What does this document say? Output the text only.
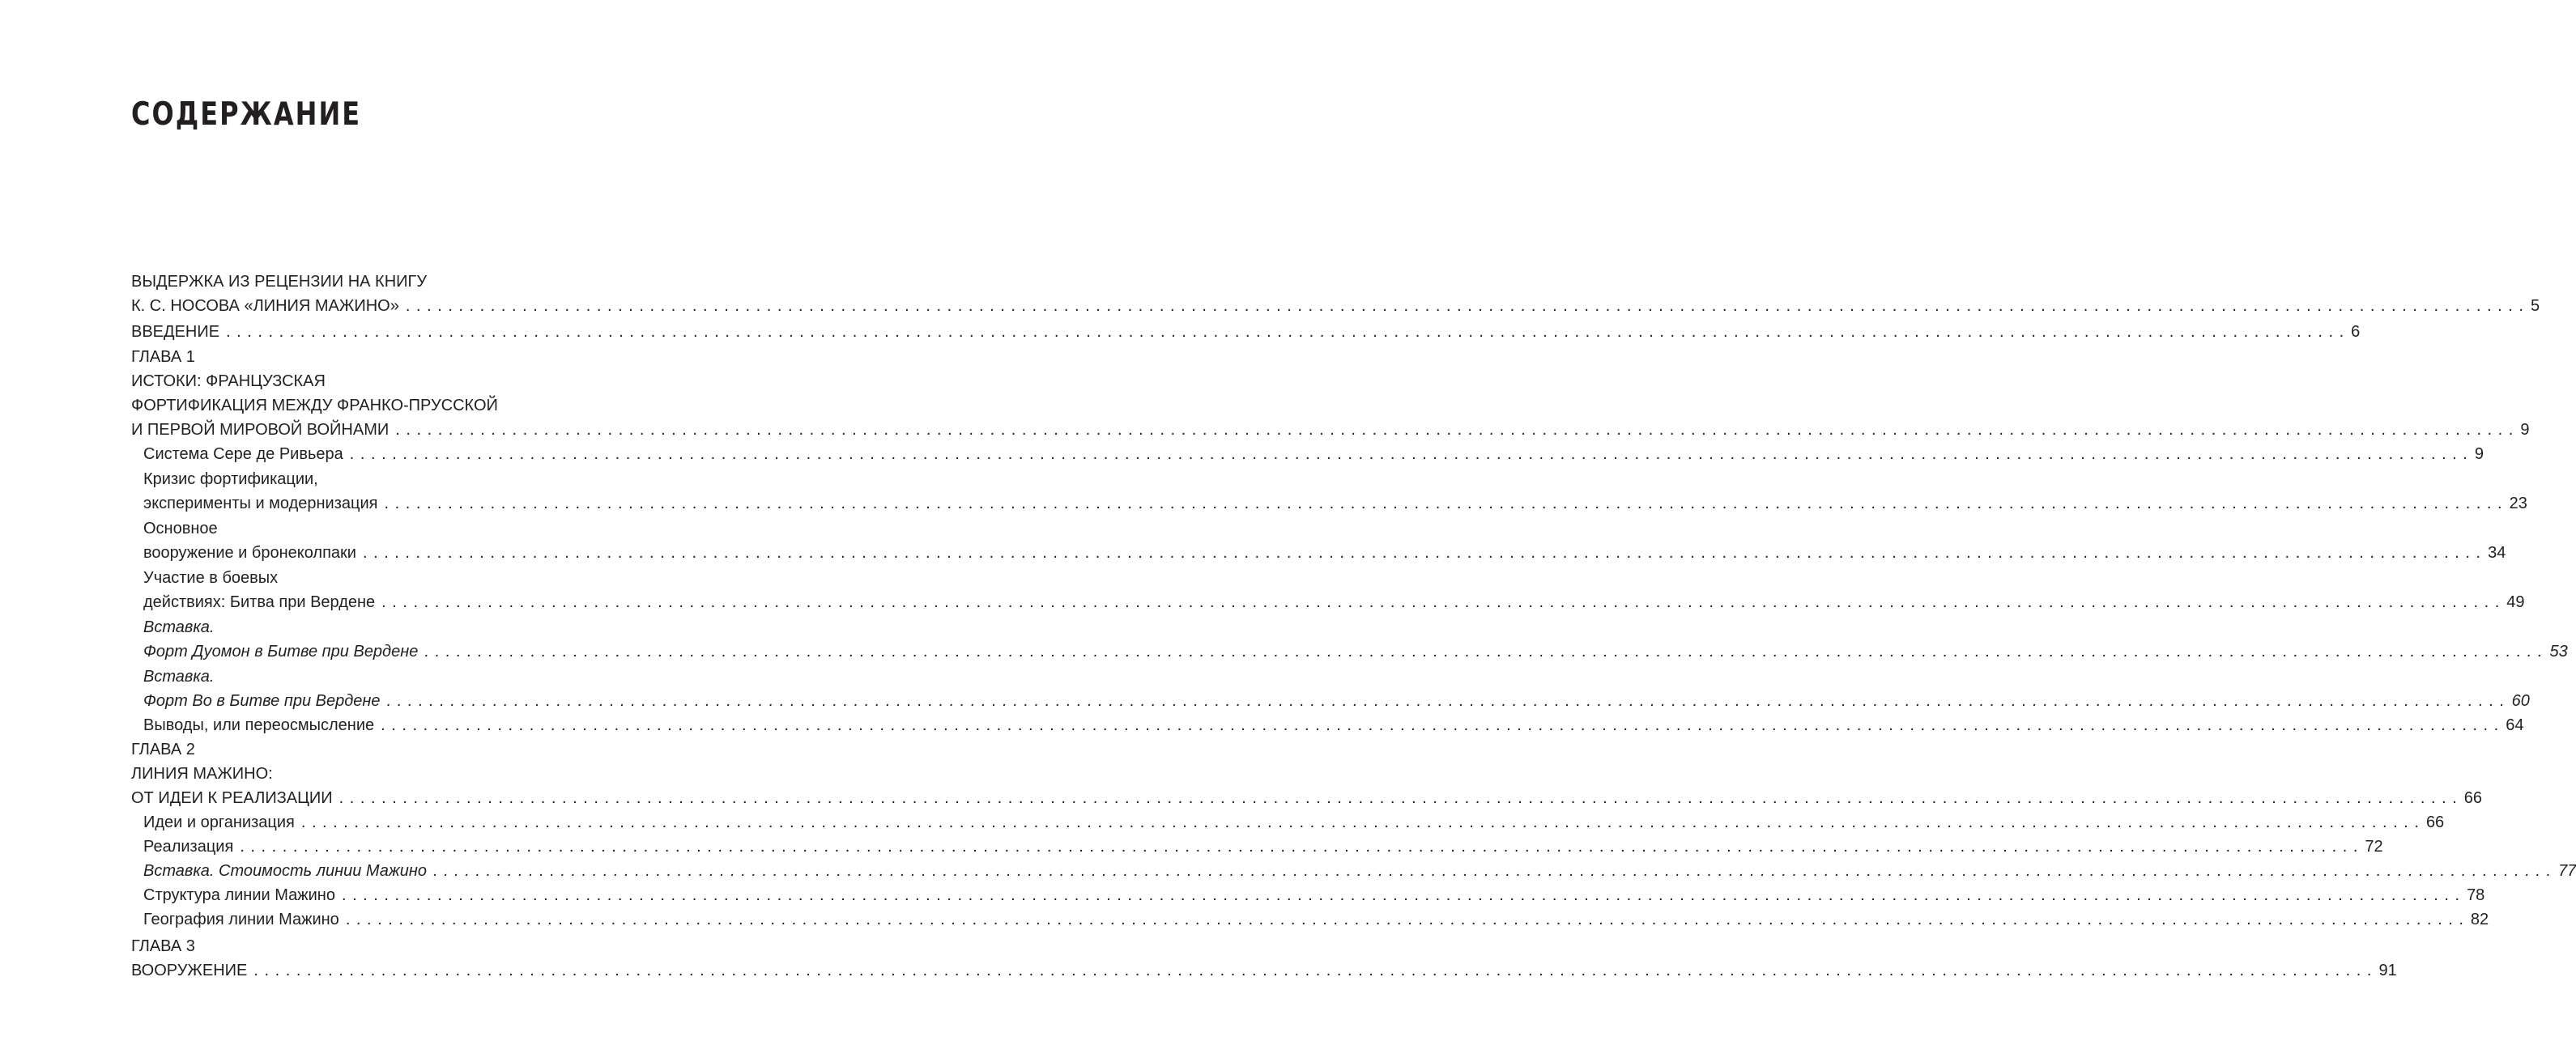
СОДЕРЖАНИЕ
ВЫДЕРЖКА ИЗ РЕЦЕНЗИИ НА КНИГУ
К. С. НОСОВА «ЛИНИЯ МАЖИНО» . . . . . . . . . . . . . . . . . . . . . . . . . . . . . . . . . . . . . . . . . . . . . . . . . . . . . . . . . . . . . . . . . . . . . . . . . . . . . . . . . . . . . . . . . . . . . . . . . . . . . . . . . . . . . . . . . . . . . . . . . . . . . . . . . . . . . . . . . . . . . . . . . . . . . . . . . . . . . . . . . . . . . . . . . . . . . . . . . . . . . . . . . . . . . . . . . . . . . . . . 5
ВВЕДЕНИЕ . . . . . . . . . . . . . . . . . . . . . . . . . . . . . . . . . . . . . . . . . . . . . . . . . . . . . . . . . . . . . . . . . . . . . . . . . . . . . . . . . . . . . . . . . . . . . . . . . . . . . . . . . . . . . . . . . . . . . . . . . . . . . . . . . . . . . . . . . . . . . . . . . . . . . . . . . . . . . . . . . . . . . . . . . . . . . . . . . . . . . . . . . . . . . . . . . . . . . . . . 6
ГЛАВА 1
ИСТОКИ: ФРАНЦУЗСКАЯ
ФОРТИФИКАЦИЯ МЕЖДУ ФРАНКО-ПРУССКОЙ
И ПЕРВОЙ МИРОВОЙ ВОЙНАМИ . . . . . . . . . . . . . . . . . . . . . . . . . . . . . . . . . . . . . . . . . . . . . . . . . . . . . . . . . . . . . . . . . . . . . . . . . . . . . . . . . . . . . . . . . . . . . . . . . . . . . . . . . . . . . . . . . . . . . . . . . . . . . . . . . . . . . . . . . . . . . . . . . . . . . . . . . . . . . . . . . . . . . . . . . . . . . . . . . . . . . . . . . . . . . . . . . . . . . . . . 9
Система Сере де Ривьера . . . . . . . . . . . . . . . . . . . . . . . . . . . . . . . . . . . . . . . . . . . . . . . . . . . . . . . . . . . . . . . . . . . . . . . . . . . . . . . . . . . . . . . . . . . . . . . . . . . . . . . . . . . . . . . . . . . . . . . . . . . . . . . . . . . . . . . . . . . . . . . . . . . . . . . . . . . . . . . . . . . . . . . . . . . . . . . . . . . . . . . . . . . . . . . . . . . . . . . . 9
Кризис фортификации,
эксперименты и модернизация . . . . . . . . . . . . . . . . . . . . . . . . . . . . . . . . . . . . . . . . . . . . . . . . . . . . . . . . . . . . . . . . . . . . . . . . . . . . . . . . . . . . . . . . . . . . . . . . . . . . . . . . . . . . . . . . . . . . . . . . . . . . . . . . . . . . . . . . . . . . . . . . . . . . . . . . . . . . . . . . . . . . . . . . . . . . . . . . . . . . . . . . . . . . . . . . . . . . . . . . 23
Основное
вооружение и бронеколпаки . . . . . . . . . . . . . . . . . . . . . . . . . . . . . . . . . . . . . . . . . . . . . . . . . . . . . . . . . . . . . . . . . . . . . . . . . . . . . . . . . . . . . . . . . . . . . . . . . . . . . . . . . . . . . . . . . . . . . . . . . . . . . . . . . . . . . . . . . . . . . . . . . . . . . . . . . . . . . . . . . . . . . . . . . . . . . . . . . . . . . . . . . . . . . . . . . . . . . . . . 34
Участие в боевых
действиях: Битва при Вердене . . . . . . . . . . . . . . . . . . . . . . . . . . . . . . . . . . . . . . . . . . . . . . . . . . . . . . . . . . . . . . . . . . . . . . . . . . . . . . . . . . . . . . . . . . . . . . . . . . . . . . . . . . . . . . . . . . . . . . . . . . . . . . . . . . . . . . . . . . . . . . . . . . . . . . . . . . . . . . . . . . . . . . . . . . . . . . . . . . . . . . . . . . . . . . . . . . . . . . . . 49
Вставка.
Форт Дуомон в Битве при Вердене . . . . . . . . . . . . . . . . . . . . . . . . . . . . . . . . . . . . . . . . . . . . . . . . . . . . . . . . . . . . . . . . . . . . . . . . . . . . . . . . . . . . . . . . . . . . . . . . . . . . . . . . . . . . . . . . . . . . . . . . . . . . . . . . . . . . . . . . . . . . . . . . . . . . . . . . . . . . . . . . . . . . . . . . . . . . . . . . . . . . . . . . . . . . . . . . . . . . . . . . 53
Вставка.
Форт Во в Битве при Вердене . . . . . . . . . . . . . . . . . . . . . . . . . . . . . . . . . . . . . . . . . . . . . . . . . . . . . . . . . . . . . . . . . . . . . . . . . . . . . . . . . . . . . . . . . . . . . . . . . . . . . . . . . . . . . . . . . . . . . . . . . . . . . . . . . . . . . . . . . . . . . . . . . . . . . . . . . . . . . . . . . . . . . . . . . . . . . . . . . . . . . . . . . . . . . . . . . . . . . . . . 60
Выводы, или переосмысление . . . . . . . . . . . . . . . . . . . . . . . . . . . . . . . . . . . . . . . . . . . . . . . . . . . . . . . . . . . . . . . . . . . . . . . . . . . . . . . . . . . . . . . . . . . . . . . . . . . . . . . . . . . . . . . . . . . . . . . . . . . . . . . . . . . . . . . . . . . . . . . . . . . . . . . . . . . . . . . . . . . . . . . . . . . . . . . . . . . . . . . . . . . . . . . . . . . . . . . . 64
ГЛАВА 2
ЛИНИЯ МАЖИНО:
ОТ ИДЕИ К РЕАЛИЗАЦИИ . . . . . . . . . . . . . . . . . . . . . . . . . . . . . . . . . . . . . . . . . . . . . . . . . . . . . . . . . . . . . . . . . . . . . . . . . . . . . . . . . . . . . . . . . . . . . . . . . . . . . . . . . . . . . . . . . . . . . . . . . . . . . . . . . . . . . . . . . . . . . . . . . . . . . . . . . . . . . . . . . . . . . . . . . . . . . . . . . . . . . . . . . . . . . . . . . . . . . . . . 66
Идеи и организация . . . . . . . . . . . . . . . . . . . . . . . . . . . . . . . . . . . . . . . . . . . . . . . . . . . . . . . . . . . . . . . . . . . . . . . . . . . . . . . . . . . . . . . . . . . . . . . . . . . . . . . . . . . . . . . . . . . . . . . . . . . . . . . . . . . . . . . . . . . . . . . . . . . . . . . . . . . . . . . . . . . . . . . . . . . . . . . . . . . . . . . . . . . . . . . . . . . . . . . . 66
Реализация . . . . . . . . . . . . . . . . . . . . . . . . . . . . . . . . . . . . . . . . . . . . . . . . . . . . . . . . . . . . . . . . . . . . . . . . . . . . . . . . . . . . . . . . . . . . . . . . . . . . . . . . . . . . . . . . . . . . . . . . . . . . . . . . . . . . . . . . . . . . . . . . . . . . . . . . . . . . . . . . . . . . . . . . . . . . . . . . . . . . . . . . . . . . . . . . . . . . . . . . 72
Вставка. Стоимость линии Мажино . . . . . . . . . . . . . . . . . . . . . . . . . . . . . . . . . . . . . . . . . . . . . . . . . . . . . . . . . . . . . . . . . . . . . . . . . . . . . . . . . . . . . . . . . . . . . . . . . . . . . . . . . . . . . . . . . . . . . . . . . . . . . . . . . . . . . . . . . . . . . . . . . . . . . . . . . . . . . . . . . . . . . . . . . . . . . . . . . . . . . . . . . . . . . . . . . . . . . . . . 77
Структура линии Мажино . . . . . . . . . . . . . . . . . . . . . . . . . . . . . . . . . . . . . . . . . . . . . . . . . . . . . . . . . . . . . . . . . . . . . . . . . . . . . . . . . . . . . . . . . . . . . . . . . . . . . . . . . . . . . . . . . . . . . . . . . . . . . . . . . . . . . . . . . . . . . . . . . . . . . . . . . . . . . . . . . . . . . . . . . . . . . . . . . . . . . . . . . . . . . . . . . . . . . . . . 78
География линии Мажино . . . . . . . . . . . . . . . . . . . . . . . . . . . . . . . . . . . . . . . . . . . . . . . . . . . . . . . . . . . . . . . . . . . . . . . . . . . . . . . . . . . . . . . . . . . . . . . . . . . . . . . . . . . . . . . . . . . . . . . . . . . . . . . . . . . . . . . . . . . . . . . . . . . . . . . . . . . . . . . . . . . . . . . . . . . . . . . . . . . . . . . . . . . . . . . . . . . . . . . . 82
ГЛАВА 3
ВООРУЖЕНИЕ . . . . . . . . . . . . . . . . . . . . . . . . . . . . . . . . . . . . . . . . . . . . . . . . . . . . . . . . . . . . . . . . . . . . . . . . . . . . . . . . . . . . . . . . . . . . . . . . . . . . . . . . . . . . . . . . . . . . . . . . . . . . . . . . . . . . . . . . . . . . . . . . . . . . . . . . . . . . . . . . . . . . . . . . . . . . . . . . . . . . . . . . . . . . . . . . . . . . . . . . 91
